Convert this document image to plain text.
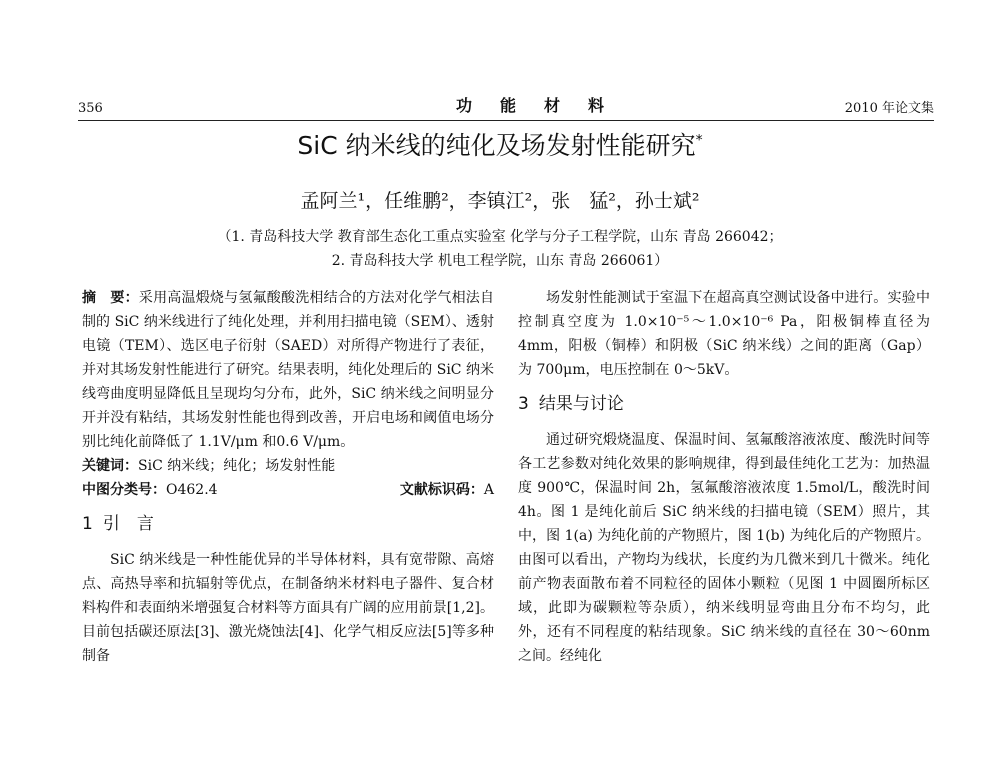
356	功能材料	2010 年论文集
SiC 纳米线的纯化及场发射性能研究*
孟阿兰¹，任维鹏²，李镇江²，张　猛²，孙士斌²
（1. 青岛科技大学 教育部生态化工重点实验室 化学与分子工程学院，山东 青岛 266042；
2. 青岛科技大学 机电工程学院，山东 青岛 266061）

摘　要：采用高温煅烧与氢氟酸酸洗相结合的方法对化学气相法自制的 SiC 纳米线进行了纯化处理，并利用扫描电镜（SEM）、透射电镜（TEM）、选区电子衍射（SAED）对所得产物进行了表征，并对其场发射性能进行了研究。结果表明，纯化处理后的 SiC 纳米线弯曲度明显降低且呈现均匀分布，此外，SiC 纳米线之间明显分开并没有粘结，其场发射性能也得到改善，开启电场和阈值电场分别比纯化前降低了 1.1V/μm 和0.6 V/μm。

关键词：SiC 纳米线；纯化；场发射性能

中图分类号：O462.4	文献标识码：A

1 引　言

SiC 纳米线是一种性能优异的半导体材料，具有宽带隙、高熔点、高热导率和抗辐射等优点，在制备纳米材料电子器件、复合材料构件和表面纳米增强复合材料等方面具有广阔的应用前景[1,2]。目前包括碳还原法[3]、激光烧蚀法[4]、化学气相反应法[5]等多种制备

场发射性能测试于室温下在超高真空测试设备中进行。实验中控制真空度为 1.0×10⁻⁵～1.0×10⁻⁶ Pa，阳极铜棒直径为 4mm，阳极（铜棒）和阴极（SiC 纳米线）之间的距离（Gap）为 700μm，电压控制在 0～5kV。

3 结果与讨论

通过研究煅烧温度、保温时间、氢氟酸溶液浓度、酸洗时间等各工艺参数对纯化效果的影响规律，得到最佳纯化工艺为：加热温度 900℃，保温时间 2h，氢氟酸溶液浓度 1.5mol/L，酸洗时间 4h。图 1 是纯化前后 SiC 纳米线的扫描电镜（SEM）照片，其中，图 1(a) 为纯化前的产物照片，图 1(b) 为纯化后的产物照片。由图可以看出，产物均为线状，长度约为几微米到几十微米。纯化前产物表面散布着不同粒径的固体小颗粒（见图 1 中圆圈所标区域，此即为碳颗粒等杂质），纳米线明显弯曲且分布不均匀，此外，还有不同程度的粘结现象。SiC 纳米线的直径在 30～60nm 之间。经纯化
